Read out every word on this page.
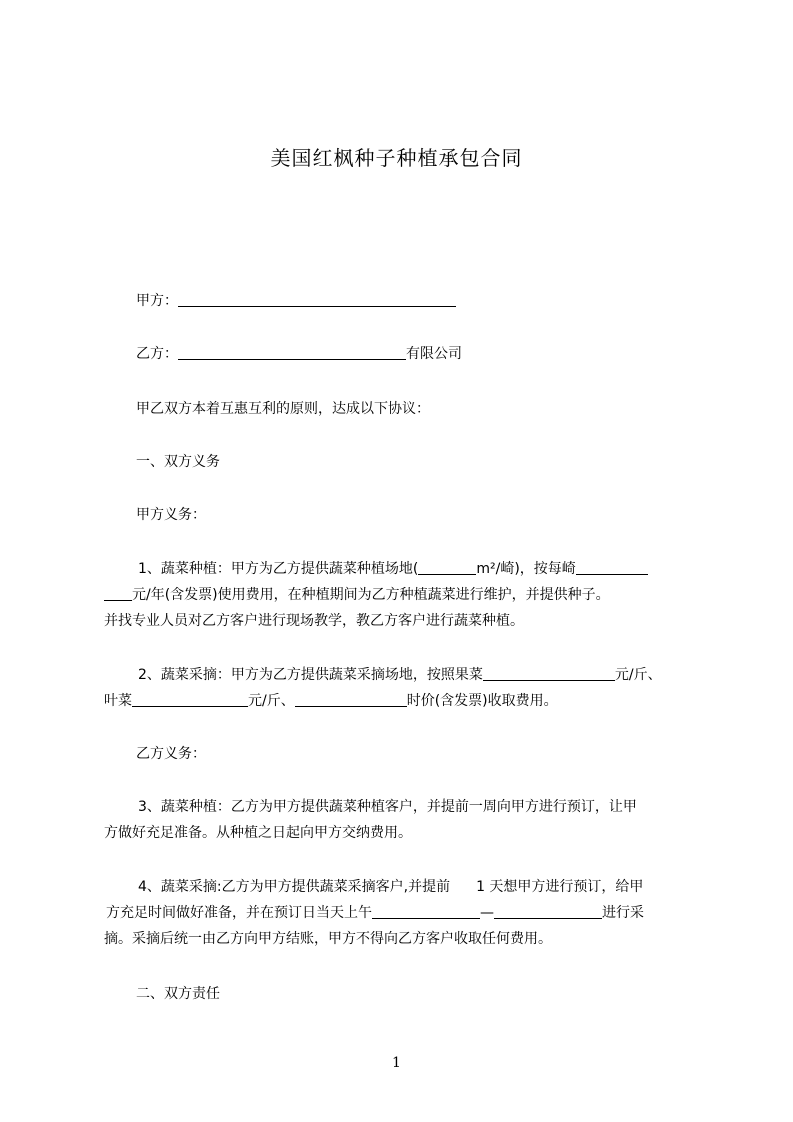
美国红枫种子种植承包合同
甲方：
乙方：	有限公司
甲乙双方本着互惠互利的原则，达成以下协议：
一、双方义务
甲方义务：
1、蔬菜种植：甲方为乙方提供蔬菜种植场地(	m²/崎)，按每崎
元/年(含发票)使用费用，在种植期间为乙方种植蔬菜进行维护，并提供种子。
并找专业人员对乙方客户进行现场教学，教乙方客户进行蔬菜种植。
2、蔬菜采摘：甲方为乙方提供蔬菜采摘场地，按照果菜	元/斤、
叶菜	元/斤、	时价(含发票)收取费用。
乙方义务：
3、蔬菜种植：乙方为甲方提供蔬菜种植客户，并提前一周向甲方进行预订，让甲
方做好充足准备。从种植之日起向甲方交纳费用。
4、蔬菜采摘:乙方为甲方提供蔬菜采摘客户,并提前 1 天想甲方进行预订，给甲
方充足时间做好准备，并在预订日当天上午	—	进行采
摘。采摘后统一由乙方向甲方结账，甲方不得向乙方客户收取任何费用。
二、双方责任
1
